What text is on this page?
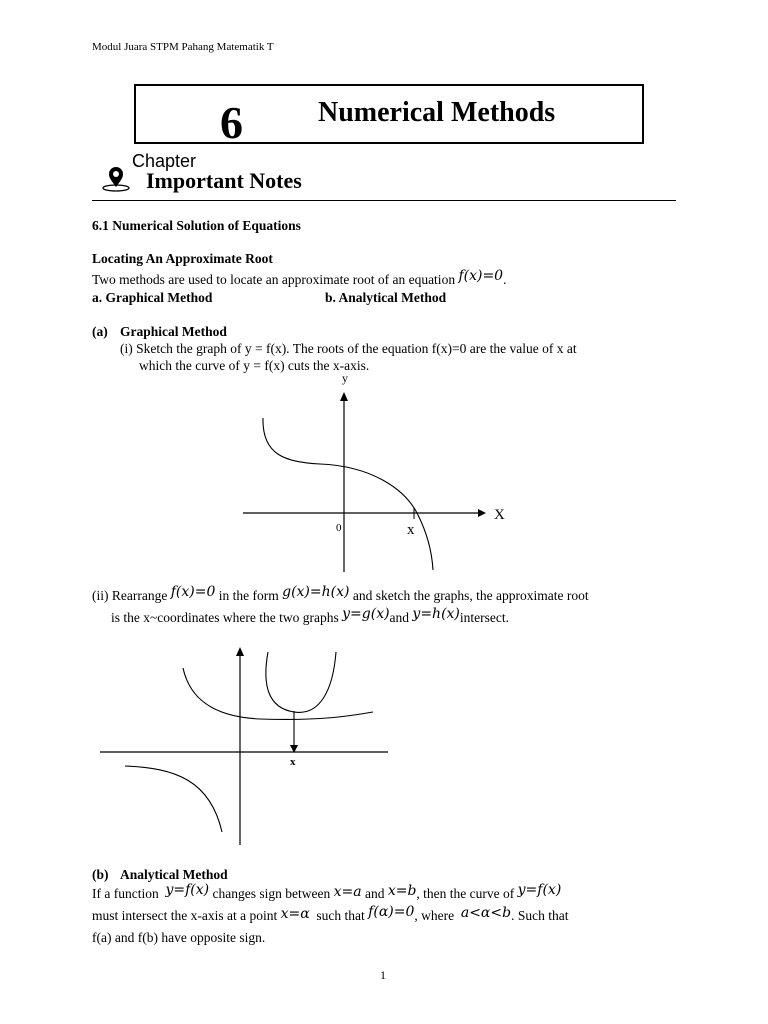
Modul Juara STPM Pahang Matematik T
6	Numerical Methods
Chapter
Important Notes
6.1 Numerical Solution of Equations
Locating An Approximate Root
Two methods are used to locate an approximate root of an equation f(x)=0.
a. Graphical Method	b. Analytical Method
(a) Graphical Method
(i) Sketch the graph of y = f(x). The roots of the equation f(x)=0 are the value of x at
which the curve of y = f(x) cuts the x-axis.
y
X
0	x
(ii) Rearrange f(x)=0 in the form g(x)=h(x) and sketch the graphs, the approximate root
is the x~coordinates where the two graphs y=g(x)and y=h(x)intersect.
x
(b) Analytical Method
If a function y=f(x) changes sign between x=a and x=b, then the curve of y=f(x)
must intersect the x-axis at a point x=α such that f(α)=0, where a<α<b. Such that
f(a) and f(b) have opposite sign.
1
